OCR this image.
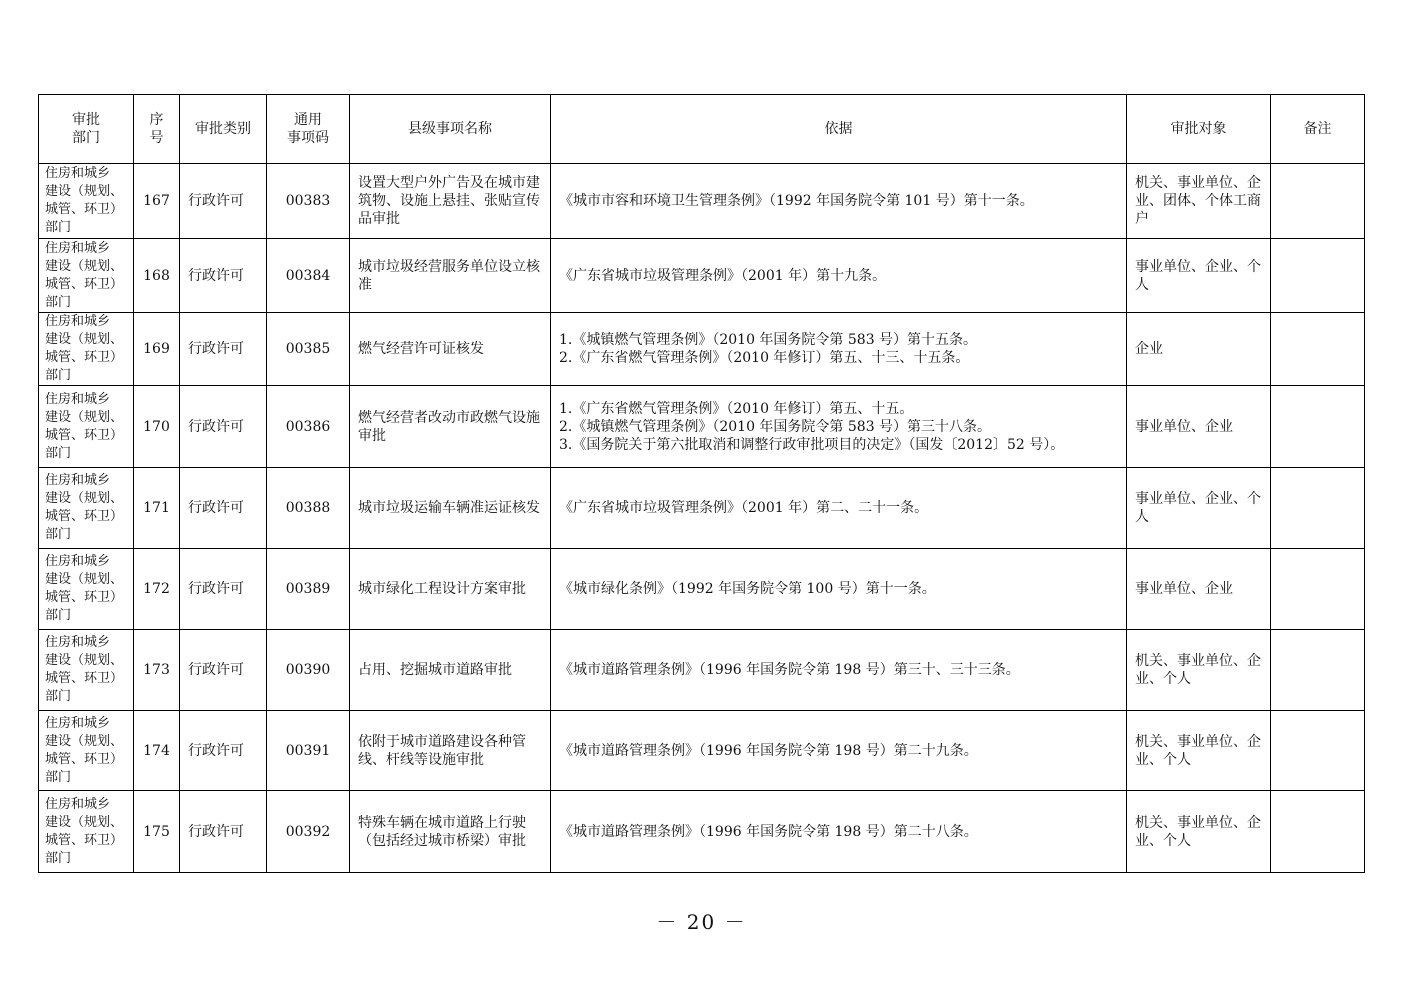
审批
部门	序
号	审批类别	通用
事项码	县级事项名称	依据	审批对象	备注
住房和城乡
建设（规划、
城管、环卫）
部门	167	行政许可	00383	设置大型户外广告及在城市建筑物、设施上悬挂、张贴宣传品审批	《城市市容和环境卫生管理条例》（1992 年国务院令第 101 号）第十一条。	机关、事业单位、企业、团体、个体工商户	
住房和城乡
建设（规划、
城管、环卫）
部门	168	行政许可	00384	城市垃圾经营服务单位设立核准	《广东省城市垃圾管理条例》（2001 年）第十九条。	事业单位、企业、个人	
住房和城乡
建设（规划、
城管、环卫）
部门	169	行政许可	00385	燃气经营许可证核发	1.《城镇燃气管理条例》（2010 年国务院令第 583 号）第十五条。
2.《广东省燃气管理条例》（2010 年修订）第五、十三、十五条。	企业	
住房和城乡
建设（规划、
城管、环卫）
部门	170	行政许可	00386	燃气经营者改动市政燃气设施审批	1.《广东省燃气管理条例》（2010 年修订）第五、十五。
2.《城镇燃气管理条例》（2010 年国务院令第 583 号）第三十八条。
3.《国务院关于第六批取消和调整行政审批项目的决定》（国发〔2012〕52 号）。	事业单位、企业	
住房和城乡
建设（规划、
城管、环卫）
部门	171	行政许可	00388	城市垃圾运输车辆准运证核发	《广东省城市垃圾管理条例》（2001 年）第二、二十一条。	事业单位、企业、个人	
住房和城乡
建设（规划、
城管、环卫）
部门	172	行政许可	00389	城市绿化工程设计方案审批	《城市绿化条例》（1992 年国务院令第 100 号）第十一条。	事业单位、企业	
住房和城乡
建设（规划、
城管、环卫）
部门	173	行政许可	00390	占用、挖掘城市道路审批	《城市道路管理条例》（1996 年国务院令第 198 号）第三十、三十三条。	机关、事业单位、企业、个人	
住房和城乡
建设（规划、
城管、环卫）
部门	174	行政许可	00391	依附于城市道路建设各种管线、杆线等设施审批	《城市道路管理条例》（1996 年国务院令第 198 号）第二十九条。	机关、事业单位、企业、个人	
住房和城乡
建设（规划、
城管、环卫）
部门	175	行政许可	00392	特殊车辆在城市道路上行驶（包括经过城市桥梁）审批	《城市道路管理条例》（1996 年国务院令第 198 号）第二十八条。	机关、事业单位、企业、个人	
－ 20 －
